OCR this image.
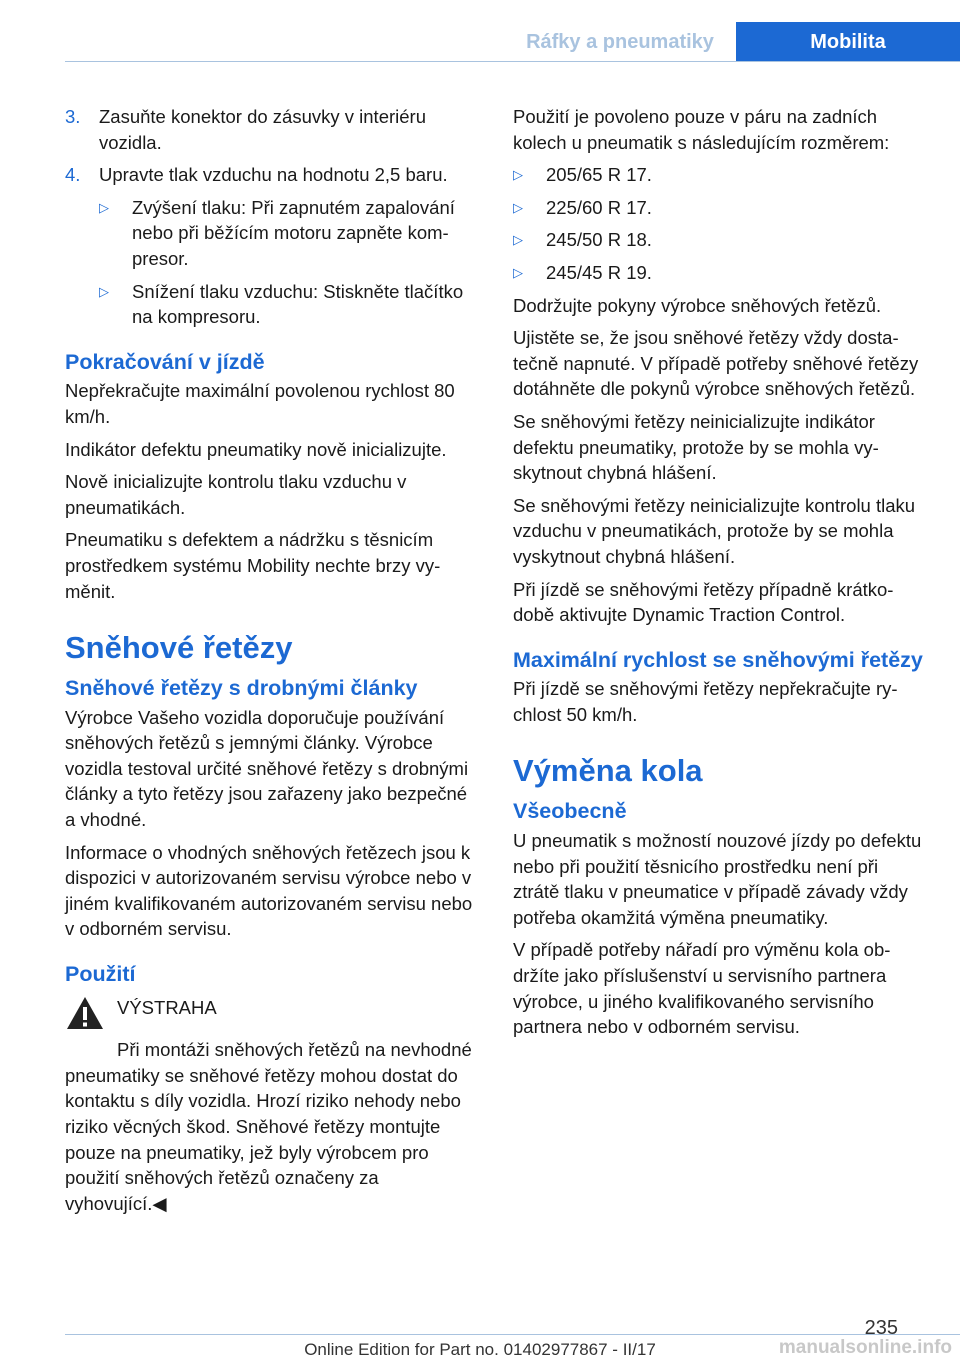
Ráfky a pneumatiky	Mobilita
3.	Zasuňte konektor do zásuvky v interiéru vozidla.
4.	Upravte tlak vzduchu na hodnotu 2,5 baru.
▷	Zvýšení tlaku: Při zapnutém zapalování nebo při běžícím motoru zapněte kompresor.
▷	Snížení tlaku vzduchu: Stiskněte tlačítko na kompresoru.
Pokračování v jízdě

Nepřekračujte maximální povolenou rychlost 80 km/h.

Indikátor defektu pneumatiky nově inicializujte.

Nově inicializujte kontrolu tlaku vzduchu v pneumatikách.

Pneumatiku s defektem a nádržku s těsnicím prostředkem systému Mobility nechte brzy vyměnit.

Sněhové řetězy
Sněhové řetězy s drobnými články

Výrobce Vašeho vozidla doporučuje používání sněhových řetězů s jemnými články. Výrobce vozidla testoval určité sněhové řetězy s drobnými články a tyto řetězy jsou zařazeny jako bezpečné a vhodné.

Informace o vhodných sněhových řetězech jsou k dispozici v autorizovaném servisu výrobce nebo v jiném kvalifikovaném autorizovaném servisu nebo v odborném servisu.

Použití

VÝSTRAHA

Při montáži sněhových řetězů na nevhodné pneumatiky se sněhové řetězy mohou dostat do kontaktu s díly vozidla. Hrozí riziko nehody nebo riziko věcných škod. Sněhové řetězy montujte pouze na pneumatiky, jež byly výrobcem pro použití sněhových řetězů označeny za vyhovující.◀

Použití je povoleno pouze v páru na zadních kolech u pneumatik s následujícím rozměrem:

▷	205/65 R 17.
▷	225/60 R 17.
▷	245/50 R 18.
▷	245/45 R 19.

Dodržujte pokyny výrobce sněhových řetězů.

Ujistěte se, že jsou sněhové řetězy vždy dostatečně napnuté. V případě potřeby sněhové řetězy dotáhněte dle pokynů výrobce sněhových řetězů.

Se sněhovými řetězy neinicializujte indikátor defektu pneumatiky, protože by se mohla vyskytnout chybná hlášení.

Se sněhovými řetězy neinicializujte kontrolu tlaku vzduchu v pneumatikách, protože by se mohla vyskytnout chybná hlášení.

Při jízdě se sněhovými řetězy případně krátkodobě aktivujte Dynamic Traction Control.

Maximální rychlost se sněhovými řetězy

Při jízdě se sněhovými řetězy nepřekračujte rychlost 50 km/h.

Výměna kola
Všeobecně

U pneumatik s možností nouzové jízdy po defektu nebo při použití těsnicího prostředku není při ztrátě tlaku v pneumatice v případě závady vždy potřeba okamžitá výměna pneumatiky.

V případě potřeby nářadí pro výměnu kola obdržíte jako příslušenství u servisního partnera výrobce, u jiného kvalifikovaného servisního partnera nebo v odborném servisu.

235
Online Edition for Part no. 01402977867 - II/17	manualsonline.info
